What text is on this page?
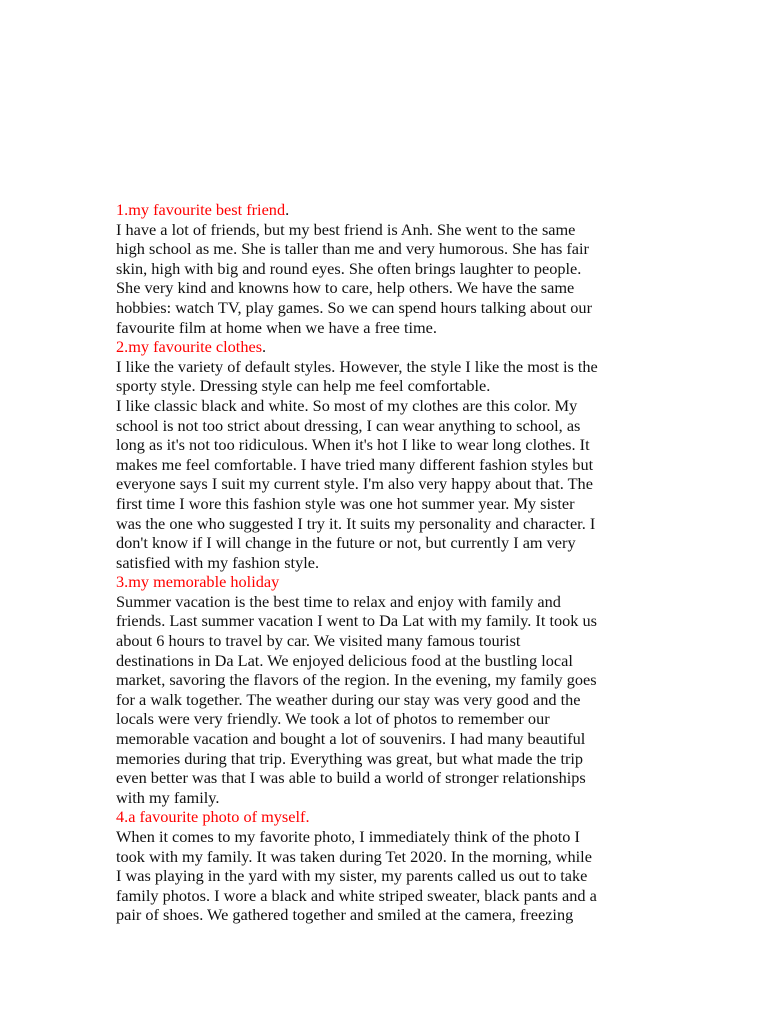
1.my favourite best friend.

I have a lot of friends, but my best friend is Anh. She went to the same
high school as me. She is taller than me and very humorous. She has fair
skin, high with big and round eyes. She often brings laughter to people.
She very kind and knowns how to care, help others. We have the same
hobbies: watch TV, play games. So we can spend hours talking about our
favourite film at home when we have a free time.

2.my favourite clothes.

I like the variety of default styles. However, the style I like the most is the
sporty style. Dressing style can help me feel comfortable.

I like classic black and white. So most of my clothes are this color. My
school is not too strict about dressing, I can wear anything to school, as
long as it's not too ridiculous. When it's hot I like to wear long clothes. It
makes me feel comfortable. I have tried many different fashion styles but
everyone says I suit my current style. I'm also very happy about that. The
first time I wore this fashion style was one hot summer year. My sister
was the one who suggested I try it. It suits my personality and character. I
don't know if I will change in the future or not, but currently I am very
satisfied with my fashion style.

3.my memorable holiday

Summer vacation is the best time to relax and enjoy with family and
friends. Last summer vacation I went to Da Lat with my family. It took us
about 6 hours to travel by car. We visited many famous tourist
destinations in Da Lat. We enjoyed delicious food at the bustling local
market, savoring the flavors of the region. In the evening, my family goes
for a walk together. The weather during our stay was very good and the
locals were very friendly. We took a lot of photos to remember our
memorable vacation and bought a lot of souvenirs. I had many beautiful
memories during that trip. Everything was great, but what made the trip
even better was that I was able to build a world of stronger relationships
with my family.

4.a favourite photo of myself.

When it comes to my favorite photo, I immediately think of the photo I
took with my family. It was taken during Tet 2020. In the morning, while
I was playing in the yard with my sister, my parents called us out to take
family photos. I wore a black and white striped sweater, black pants and a
pair of shoes. We gathered together and smiled at the camera, freezing
